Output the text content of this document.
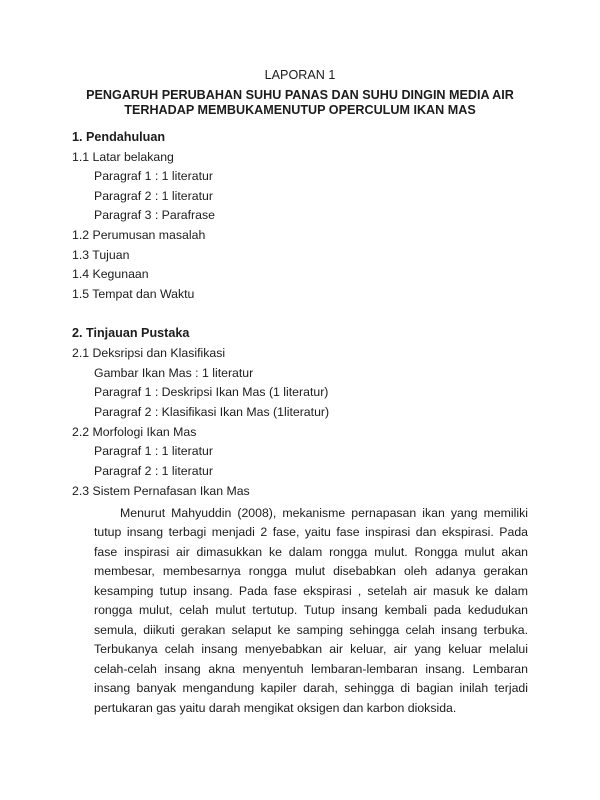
LAPORAN 1

PENGARUH PERUBAHAN SUHU PANAS DAN SUHU DINGIN MEDIA AIR
TERHADAP MEMBUKAMENUTUP OPERCULUM IKAN MAS

1. Pendahuluan

1.1 Latar belakang

Paragraf 1 : 1 literatur

Paragraf 2 : 1 literatur

Paragraf 3 : Parafrase

1.2 Perumusan masalah

1.3 Tujuan

1.4 Kegunaan

1.5 Tempat dan Waktu

2. Tinjauan Pustaka

2.1 Deksripsi dan Klasifikasi

Gambar Ikan Mas : 1 literatur

Paragraf 1 : Deskripsi Ikan Mas (1 literatur)

Paragraf 2 : Klasifikasi Ikan Mas (1literatur)

2.2 Morfologi Ikan Mas

Paragraf 1 : 1 literatur

Paragraf 2 : 1 literatur

2.3 Sistem Pernafasan Ikan Mas

Menurut Mahyuddin (2008), mekanisme pernapasan ikan yang memiliki tutup insang terbagi menjadi 2 fase, yaitu fase inspirasi dan ekspirasi. Pada fase inspirasi air dimasukkan ke dalam rongga mulut. Rongga mulut akan membesar, membesarnya rongga mulut disebabkan oleh adanya gerakan kesamping tutup insang. Pada fase ekspirasi , setelah air masuk ke dalam rongga mulut, celah mulut tertutup. Tutup insang kembali pada kedudukan semula, diikuti gerakan selaput ke samping sehingga celah insang terbuka. Terbukanya celah insang menyebabkan air keluar, air yang keluar melalui celah-celah insang akna menyentuh lembaran-lembaran insang. Lembaran insang banyak mengandung kapiler darah, sehingga di bagian inilah terjadi pertukaran gas yaitu darah mengikat oksigen dan karbon dioksida.
